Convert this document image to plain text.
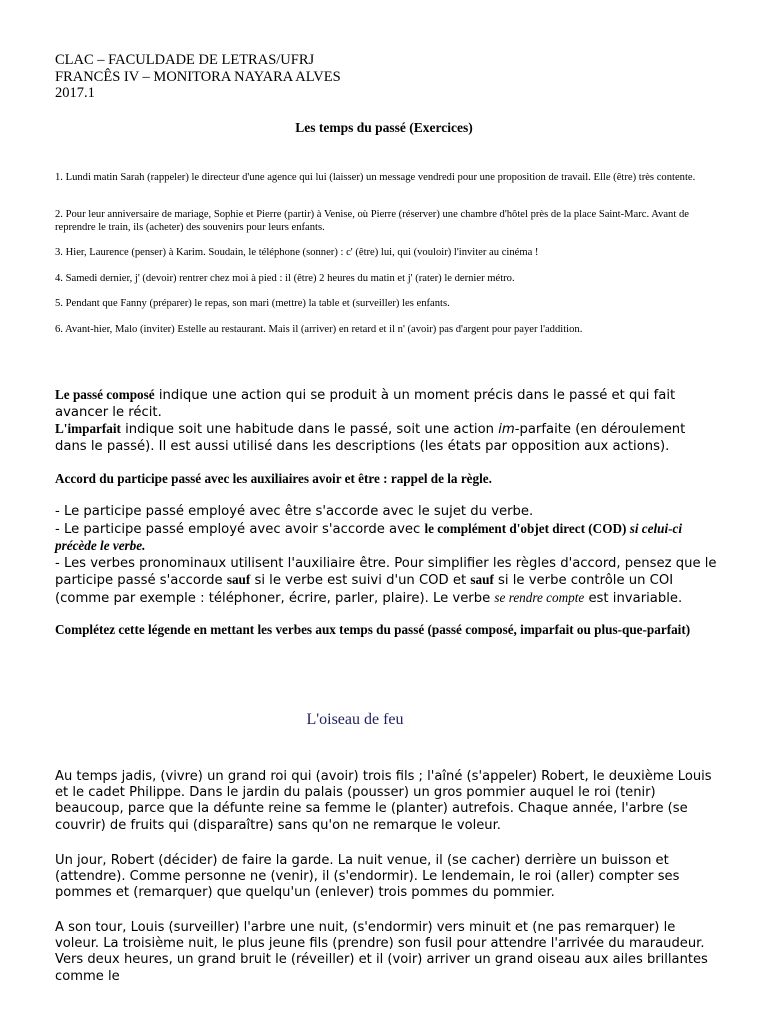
CLAC – FACULDADE DE LETRAS/UFRJ
FRANCÊS IV – MONITORA NAYARA ALVES
2017.1
Les temps du passé (Exercices)
1. Lundi matin Sarah (rappeler) le directeur d'une agence qui lui (laisser) un message vendredi pour une proposition de travail. Elle (être) très contente.
2. Pour leur anniversaire de mariage, Sophie et Pierre (partir) à Venise, où Pierre (réserver) une chambre d'hôtel près de la place Saint-Marc. Avant de reprendre le train, ils (acheter) des souvenirs pour leurs enfants.
3. Hier, Laurence (penser) à Karim. Soudain, le téléphone (sonner) : c' (être) lui, qui (vouloir) l'inviter au cinéma !
4. Samedi dernier, j' (devoir) rentrer chez moi à pied : il (être) 2 heures du matin et j' (rater) le dernier métro.
5. Pendant que Fanny (préparer) le repas, son mari (mettre) la table et (surveiller) les enfants.
6. Avant-hier, Malo (inviter) Estelle au restaurant. Mais il (arriver) en retard et il n' (avoir) pas d'argent pour payer l'addition.

Le passé composé indique une action qui se produit à un moment précis dans le passé et qui fait avancer le récit.

L'imparfait indique soit une habitude dans le passé, soit une action im-parfaite (en déroulement dans le passé). Il est aussi utilisé dans les descriptions (les états par opposition aux actions).

Accord du participe passé avec les auxiliaires avoir et être : rappel de la règle.

- Le participe passé employé avec être s'accorde avec le sujet du verbe.

- Le participe passé employé avec avoir s'accorde avec le complément d'objet direct (COD) si celui-ci précède le verbe.

- Les verbes pronominaux utilisent l'auxiliaire être. Pour simplifier les règles d'accord, pensez que le participe passé s'accorde sauf si le verbe est suivi d'un COD et sauf si le verbe contrôle un COI (comme par exemple : téléphoner, écrire, parler, plaire). Le verbe se rendre compte est invariable.

Complétez cette légende en mettant les verbes aux temps du passé (passé composé, imparfait ou plus-que-parfait)
L'oiseau de feu
Au temps jadis, (vivre) un grand roi qui (avoir) trois fils ; l'aîné (s'appeler) Robert, le deuxième Louis et le cadet Philippe. Dans le jardin du palais (pousser) un gros pommier auquel le roi (tenir) beaucoup, parce que la défunte reine sa femme le (planter) autrefois. Chaque année, l'arbre (se couvrir) de fruits qui (disparaître) sans qu'on ne remarque le voleur.
Un jour, Robert (décider) de faire la garde. La nuit venue, il (se cacher) derrière un buisson et (attendre). Comme personne ne (venir), il (s'endormir). Le lendemain, le roi (aller) compter ses pommes et (remarquer) que quelqu'un (enlever) trois pommes du pommier.
A son tour, Louis (surveiller) l'arbre une nuit, (s'endormir) vers minuit et (ne pas remarquer) le voleur. La troisième nuit, le plus jeune fils (prendre) son fusil pour attendre l'arrivée du maraudeur. Vers deux heures, un grand bruit le (réveiller) et il (voir) arriver un grand oiseau aux ailes brillantes comme le
